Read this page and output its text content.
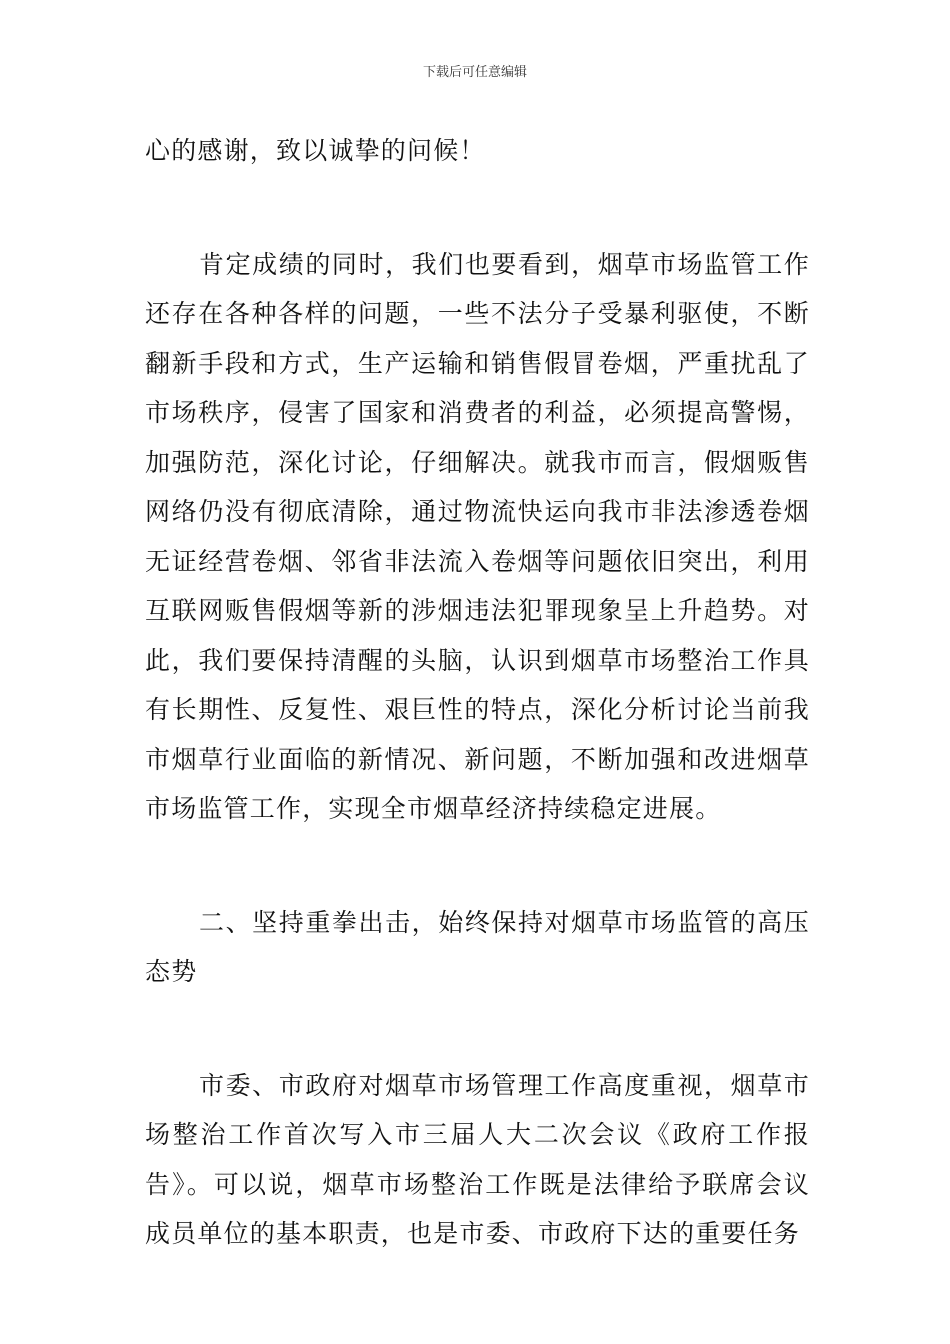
下载后可任意编辑

心的感谢，致以诚挚的问候！

肯定成绩的同时，我们也要看到，烟草市场监管工作还存在各种各样的问题，一些不法分子受暴利驱使，不断翻新手段和方式，生产运输和销售假冒卷烟，严重扰乱了市场秩序，侵害了国家和消费者的利益，必须提高警惕，加强防范，深化讨论，仔细解决。就我市而言，假烟贩售网络仍没有彻底清除，通过物流快运向我市非法渗透卷烟无证经营卷烟、邻省非法流入卷烟等问题依旧突出，利用互联网贩售假烟等新的涉烟违法犯罪现象呈上升趋势。对此，我们要保持清醒的头脑，认识到烟草市场整治工作具有长期性、反复性、艰巨性的特点，深化分析讨论当前我市烟草行业面临的新情况、新问题，不断加强和改进烟草市场监管工作，实现全市烟草经济持续稳定进展。

二、坚持重拳出击，始终保持对烟草市场监管的高压态势

市委、市政府对烟草市场管理工作高度重视，烟草市场整治工作首次写入市三届人大二次会议《政府工作报告》。可以说，烟草市场整治工作既是法律给予联席会议成员单位的基本职责，也是市委、市政府下达的重要任务
